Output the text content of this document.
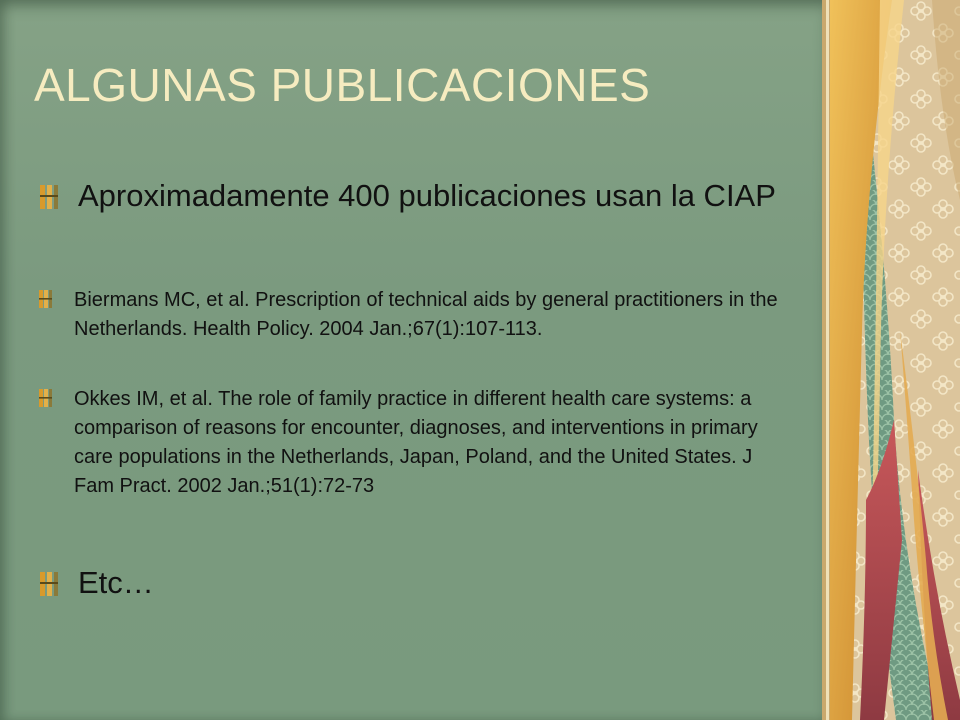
ALGUNAS PUBLICACIONES
Aproximadamente 400 publicaciones usan la CIAP
Biermans MC, et al. Prescription of technical aids by general practitioners in the Netherlands. Health Policy. 2004 Jan.;67(1):107-113.
Okkes IM, et al. The role of family practice in different health care systems: a comparison of reasons for encounter, diagnoses, and interventions in primary care populations in the Netherlands, Japan, Poland, and the United States. J Fam Pract. 2002 Jan.;51(1):72-73
Etc…
